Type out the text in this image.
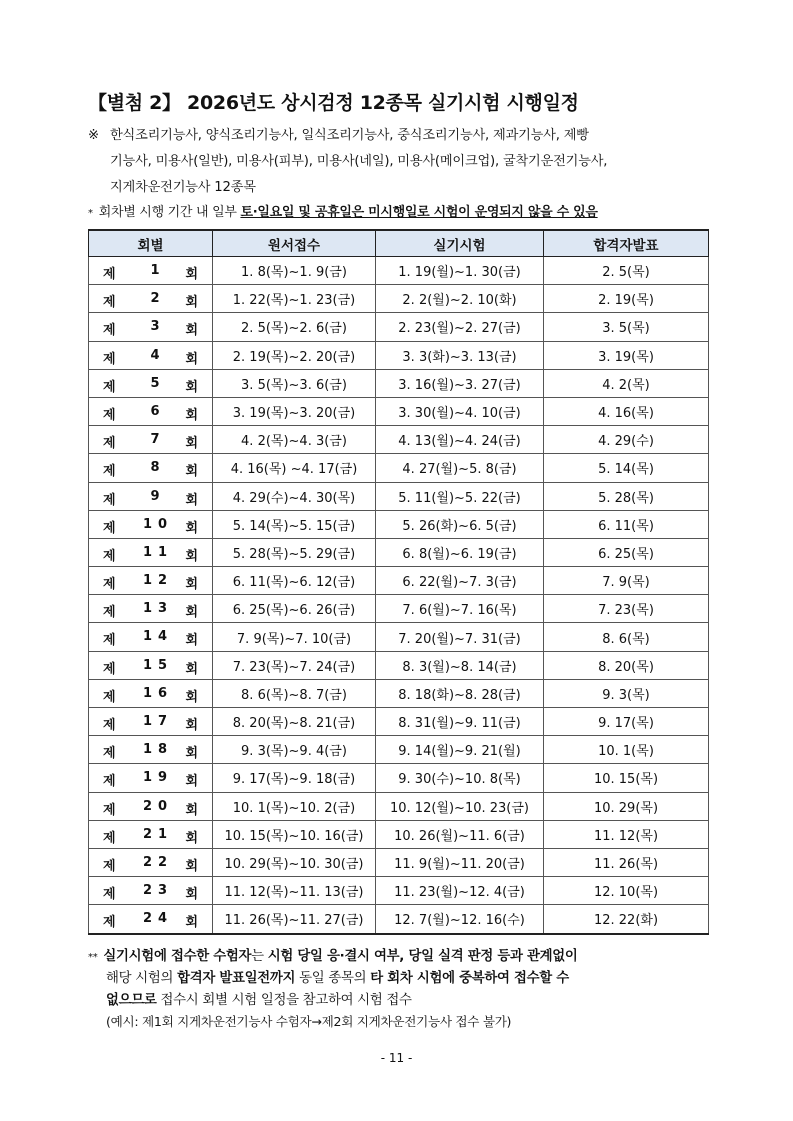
【별첨 2】 2026년도 상시검정 12종목 실기시험 시행일정
※ 한식조리기능사, 양식조리기능사, 일식조리기능사, 중식조리기능사, 제과기능사, 제빵
기능사, 미용사(일반), 미용사(피부), 미용사(네일), 미용사(메이크업), 굴착기운전기능사,
지게차운전기능사 12종목
* 회차별 시행 기간 내 일부 토·일요일 및 공휴일은 미시행일로 시험이 운영되지 않을 수 있음
회별	원서접수	실기시험	합격자발표

제 1 회	1. 8(목)~1. 9(금)	1. 19(월)~1. 30(금)	2. 5(목)

제 2 회	1. 22(목)~1. 23(금)	2. 2(월)~2. 10(화)	2. 19(목)

제 3 회	2. 5(목)~2. 6(금)	2. 23(월)~2. 27(금)	3. 5(목)

제 4 회	2. 19(목)~2. 20(금)	3. 3(화)~3. 13(금)	3. 19(목)

제 5 회	3. 5(목)~3. 6(금)	3. 16(월)~3. 27(금)	4. 2(목)

제 6 회	3. 19(목)~3. 20(금)	3. 30(월)~4. 10(금)	4. 16(목)

제 7 회	4. 2(목)~4. 3(금)	4. 13(월)~4. 24(금)	4. 29(수)

제 8 회	4. 16(목) ~4. 17(금)	4. 27(월)~5. 8(금)	5. 14(목)

제 9 회	4. 29(수)~4. 30(목)	5. 11(월)~5. 22(금)	5. 28(목)

제 10 회	5. 14(목)~5. 15(금)	5. 26(화)~6. 5(금)	6. 11(목)

제 11 회	5. 28(목)~5. 29(금)	6. 8(월)~6. 19(금)	6. 25(목)

제 12 회	6. 11(목)~6. 12(금)	6. 22(월)~7. 3(금)	7. 9(목)

제 13 회	6. 25(목)~6. 26(금)	7. 6(월)~7. 16(목)	7. 23(목)

제 14 회	7. 9(목)~7. 10(금)	7. 20(월)~7. 31(금)	8. 6(목)

제 15 회	7. 23(목)~7. 24(금)	8. 3(월)~8. 14(금)	8. 20(목)

제 16 회	8. 6(목)~8. 7(금)	8. 18(화)~8. 28(금)	9. 3(목)

제 17 회	8. 20(목)~8. 21(금)	8. 31(월)~9. 11(금)	9. 17(목)

제 18 회	9. 3(목)~9. 4(금)	9. 14(월)~9. 21(월)	10. 1(목)

제 19 회	9. 17(목)~9. 18(금)	9. 30(수)~10. 8(목)	10. 15(목)

제 20 회	10. 1(목)~10. 2(금)	10. 12(월)~10. 23(금)	10. 29(목)

제 21 회	10. 15(목)~10. 16(금)	10. 26(월)~11. 6(금)	11. 12(목)

제 22 회	10. 29(목)~10. 30(금)	11. 9(월)~11. 20(금)	11. 26(목)

제 23 회	11. 12(목)~11. 13(금)	11. 23(월)~12. 4(금)	12. 10(목)

제 24 회	11. 26(목)~11. 27(금)	12. 7(월)~12. 16(수)	12. 22(화)
** 실기시험에 접수한 수험자는 시험 당일 응·결시 여부, 당일 실격 판정 등과 관계없이
해당 시험의 합격자 발표일전까지 동일 종목의 타 회차 시험에 중복하여 접수할 수
없으므로 접수시 회별 시험 일정을 참고하여 시험 접수
(예시: 제1회 지게차운전기능사 수험자→제2회 지게차운전기능사 접수 불가)
- 11 -
